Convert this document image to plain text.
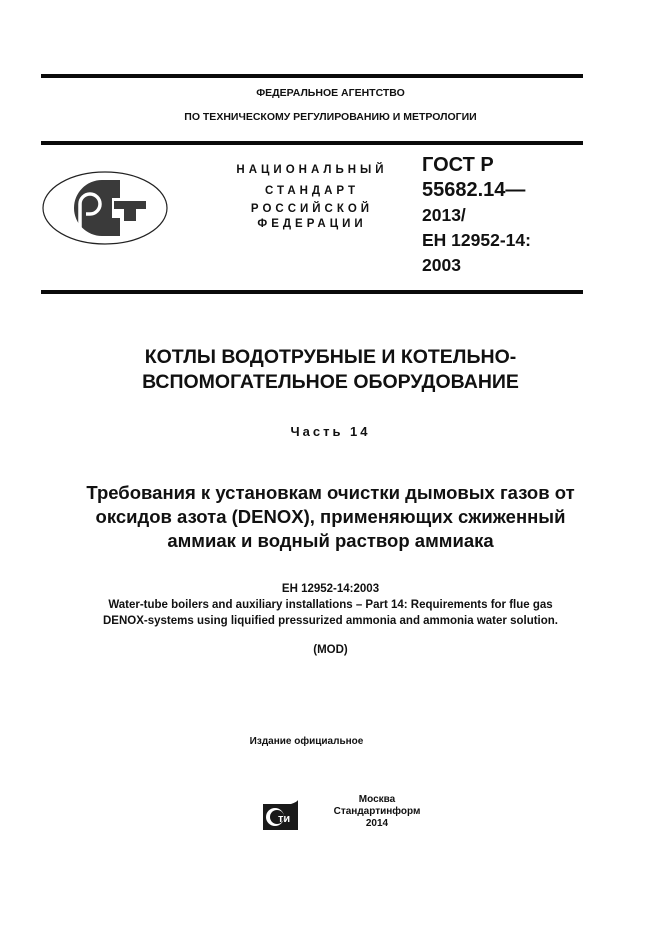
ФЕДЕРАЛЬНОЕ АГЕНТСТВО
ПО ТЕХНИЧЕСКОМУ РЕГУЛИРОВАНИЮ И МЕТРОЛОГИИ
НАЦИОНАЛЬНЫЙ
СТАНДАРТ
РОССИЙСКОЙ
ФЕДЕРАЦИИ
ГОСТ Р
55682.14—
2013/
ЕН 12952-14:
2003
КОТЛЫ ВОДОТРУБНЫЕ И КОТЕЛЬНО-
ВСПОМОГАТЕЛЬНОЕ ОБОРУДОВАНИЕ
Часть 14
Требования к установкам очистки дымовых газов от
оксидов азота (DENOX), применяющих сжиженный
аммиак и водный раствор аммиака
EH 12952-14:2003
Water-tube boilers and auxiliary installations – Part 14: Requirements for flue gas
DENOX-systems using liquified pressurized ammonia and ammonia water solution.
(MOD)
Издание официальное
ти
Москва
Стандартинформ
2014
